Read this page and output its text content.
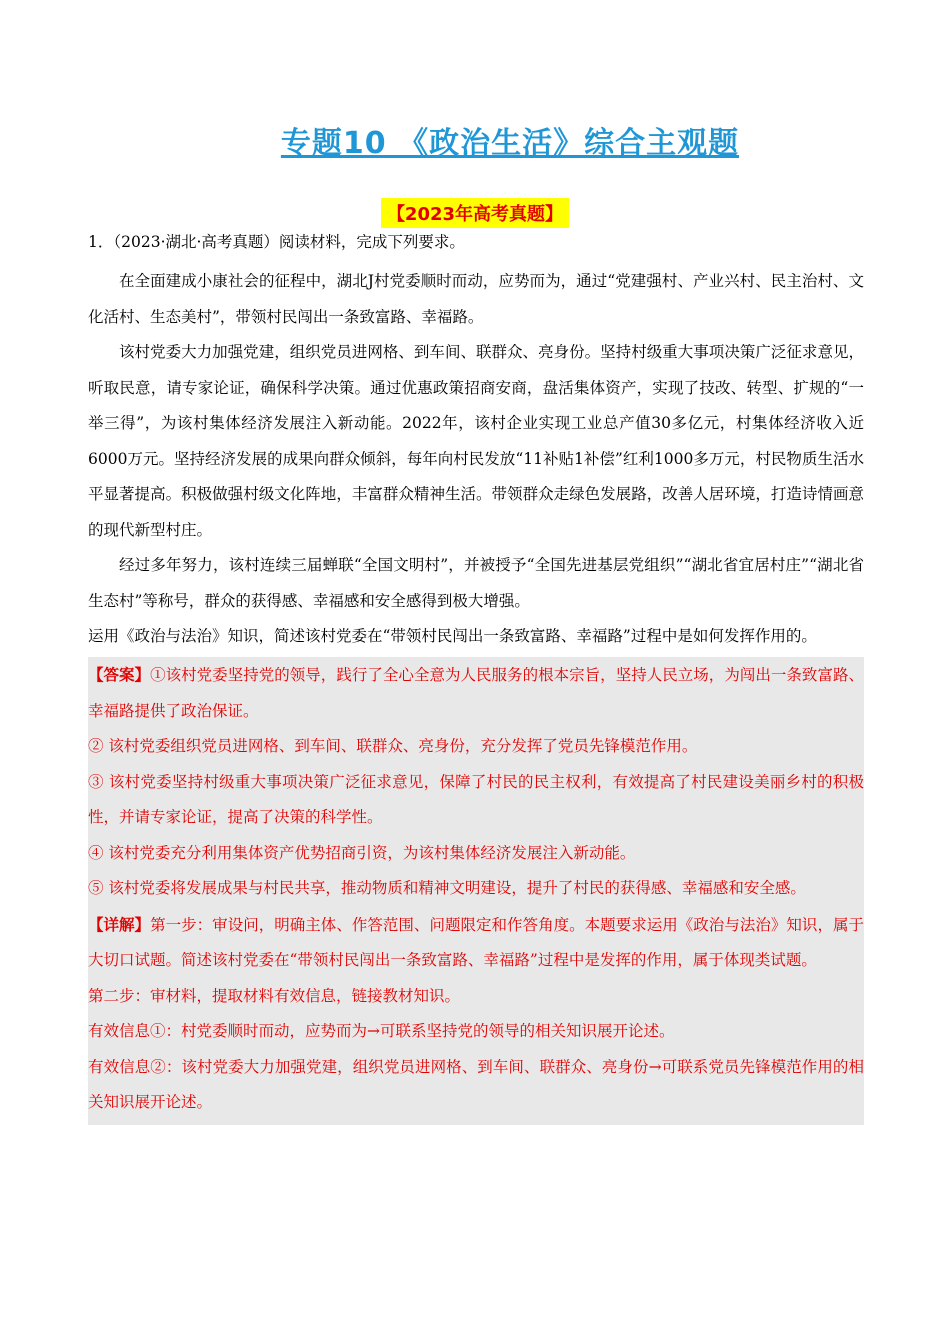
专题10 《政治生活》综合主观题
【2023年高考真题】

1．（2023·湖北·高考真题）阅读材料，完成下列要求。

在全面建成小康社会的征程中，湖北J村党委顺时而动，应势而为，通过“党建强村、产业兴村、民主治村、文化活村、生态美村”，带领村民闯出一条致富路、幸福路。

该村党委大力加强党建，组织党员进网格、到车间、联群众、亮身份。坚持村级重大事项决策广泛征求意见，听取民意，请专家论证，确保科学决策。通过优惠政策招商安商，盘活集体资产，实现了技改、转型、扩规的“一举三得”，为该村集体经济发展注入新动能。2022年，该村企业实现工业总产值30多亿元，村集体经济收入近6000万元。坚持经济发展的成果向群众倾斜，每年向村民发放“11补贴1补偿”红利1000多万元，村民物质生活水平显著提高。积极做强村级文化阵地，丰富群众精神生活。带领群众走绿色发展路，改善人居环境，打造诗情画意的现代新型村庄。

经过多年努力，该村连续三届蝉联“全国文明村”，并被授予“全国先进基层党组织”“湖北省宜居村庄”“湖北省生态村”等称号，群众的获得感、幸福感和安全感得到极大增强。

运用《政治与法治》知识，简述该村党委在“带领村民闯出一条致富路、幸福路”过程中是如何发挥作用的。

【答案】①该村党委坚持党的领导，践行了全心全意为人民服务的根本宗旨，坚持人民立场，为闯出一条致富路、幸福路提供了政治保证。

② 该村党委组织党员进网格、到车间、联群众、亮身份，充分发挥了党员先锋模范作用。

③ 该村党委坚持村级重大事项决策广泛征求意见，保障了村民的民主权利，有效提高了村民建设美丽乡村的积极性，并请专家论证，提高了决策的科学性。

④ 该村党委充分利用集体资产优势招商引资，为该村集体经济发展注入新动能。

⑤ 该村党委将发展成果与村民共享，推动物质和精神文明建设，提升了村民的获得感、幸福感和安全感。

【详解】第一步：审设问，明确主体、作答范围、问题限定和作答角度。本题要求运用《政治与法治》知识，属于大切口试题。简述该村党委在“带领村民闯出一条致富路、幸福路”过程中是发挥的作用，属于体现类试题。

第二步：审材料，提取材料有效信息，链接教材知识。

有效信息①：村党委顺时而动，应势而为→可联系坚持党的领导的相关知识展开论述。

有效信息②：该村党委大力加强党建，组织党员进网格、到车间、联群众、亮身份→可联系党员先锋模范作用的相关知识展开论述。
